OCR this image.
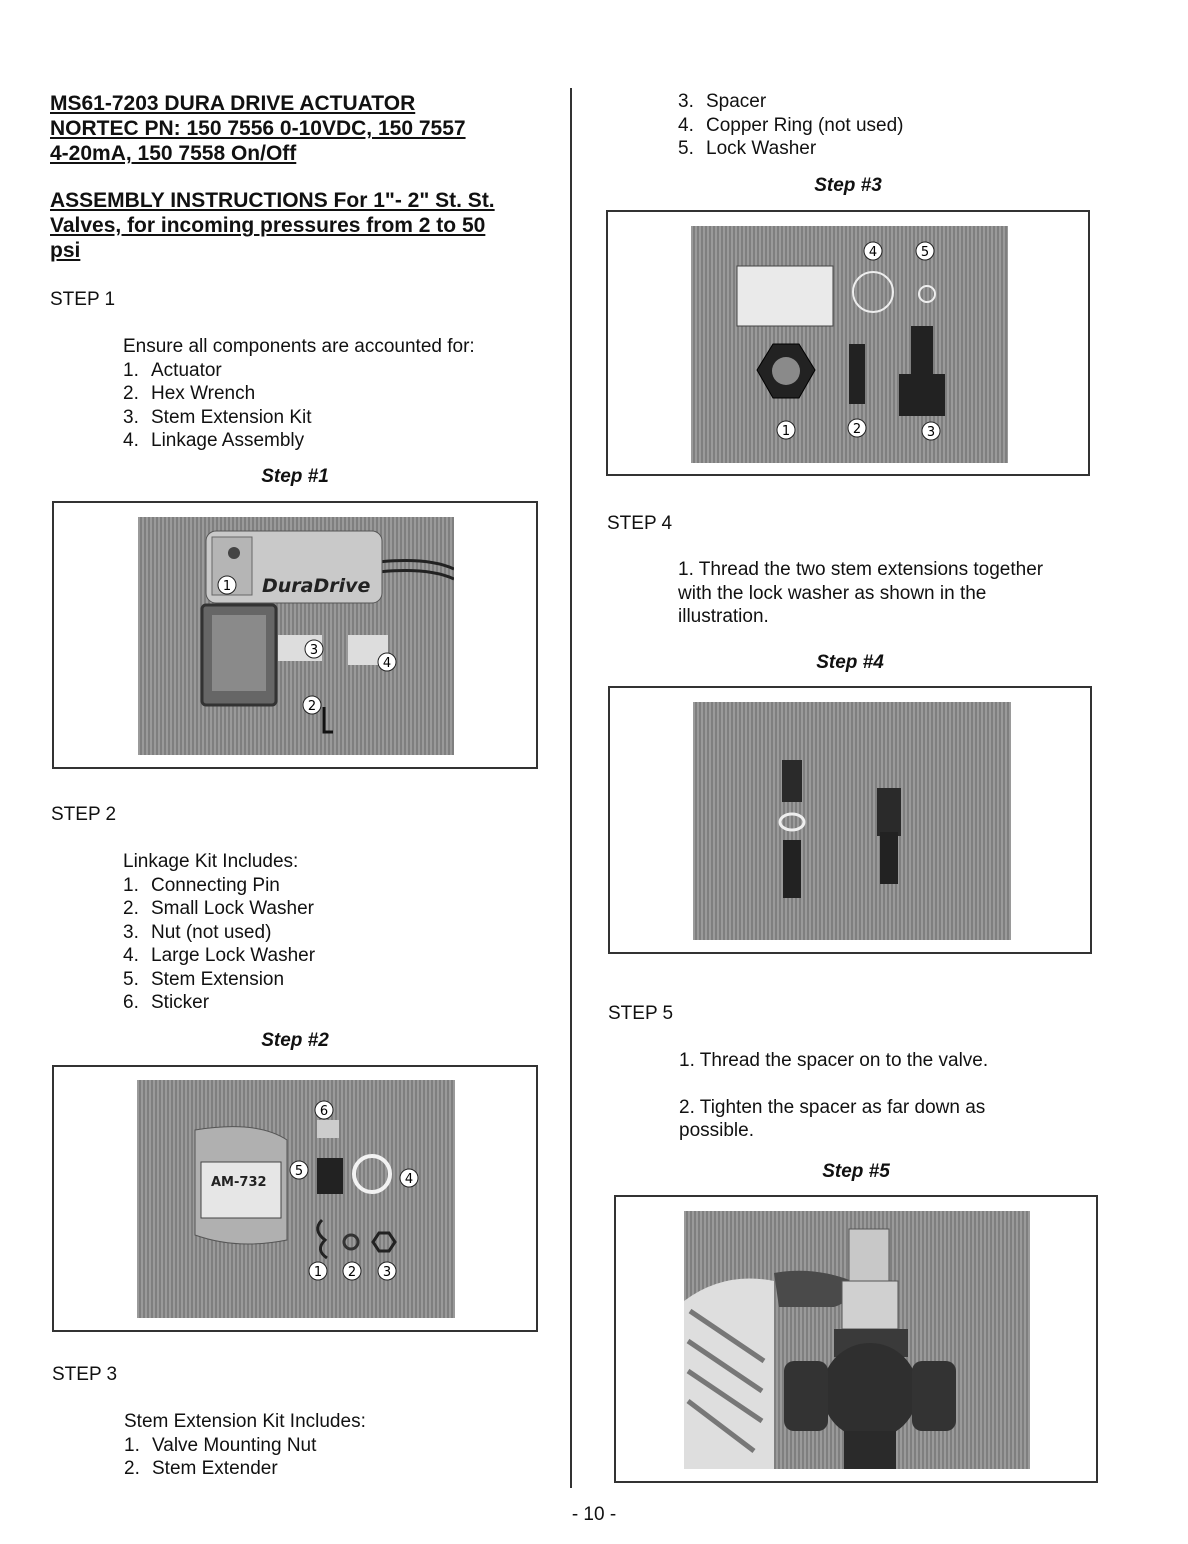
MS61-7203 DURA DRIVE ACTUATOR
NORTEC PN: 150 7556 0-10VDC, 150 7557
4-20mA, 150 7558 On/Off
ASSEMBLY INSTRUCTIONS For 1"- 2" St. St.
Valves, for incoming pressures from 2 to 50
psi
STEP 1
Ensure all components are accounted for:
1. Actuator
2. Hex Wrench
3. Stem Extension Kit
4. Linkage Assembly
Step #1
DuraDrive
1
2
3
4
STEP 2
Linkage Kit Includes:
1. Connecting Pin
2. Small Lock Washer
3. Nut (not used)
4. Large Lock Washer
5. Stem Extension
6. Sticker
Step #2
AM-732
6
5
4
1 2 3
STEP 3
Stem Extension Kit Includes:
1. Valve Mounting Nut
2. Stem Extender
3. Spacer
4. Copper Ring (not used)
5. Lock Washer
Step #3
4	5
1	2	3
STEP 4
1. Thread the two stem extensions together with the lock washer as shown in the illustration.
Step #4
STEP 5
1. Thread the spacer on to the valve.
2. Tighten the spacer as far down as possible.
Step #5
- 10 -
